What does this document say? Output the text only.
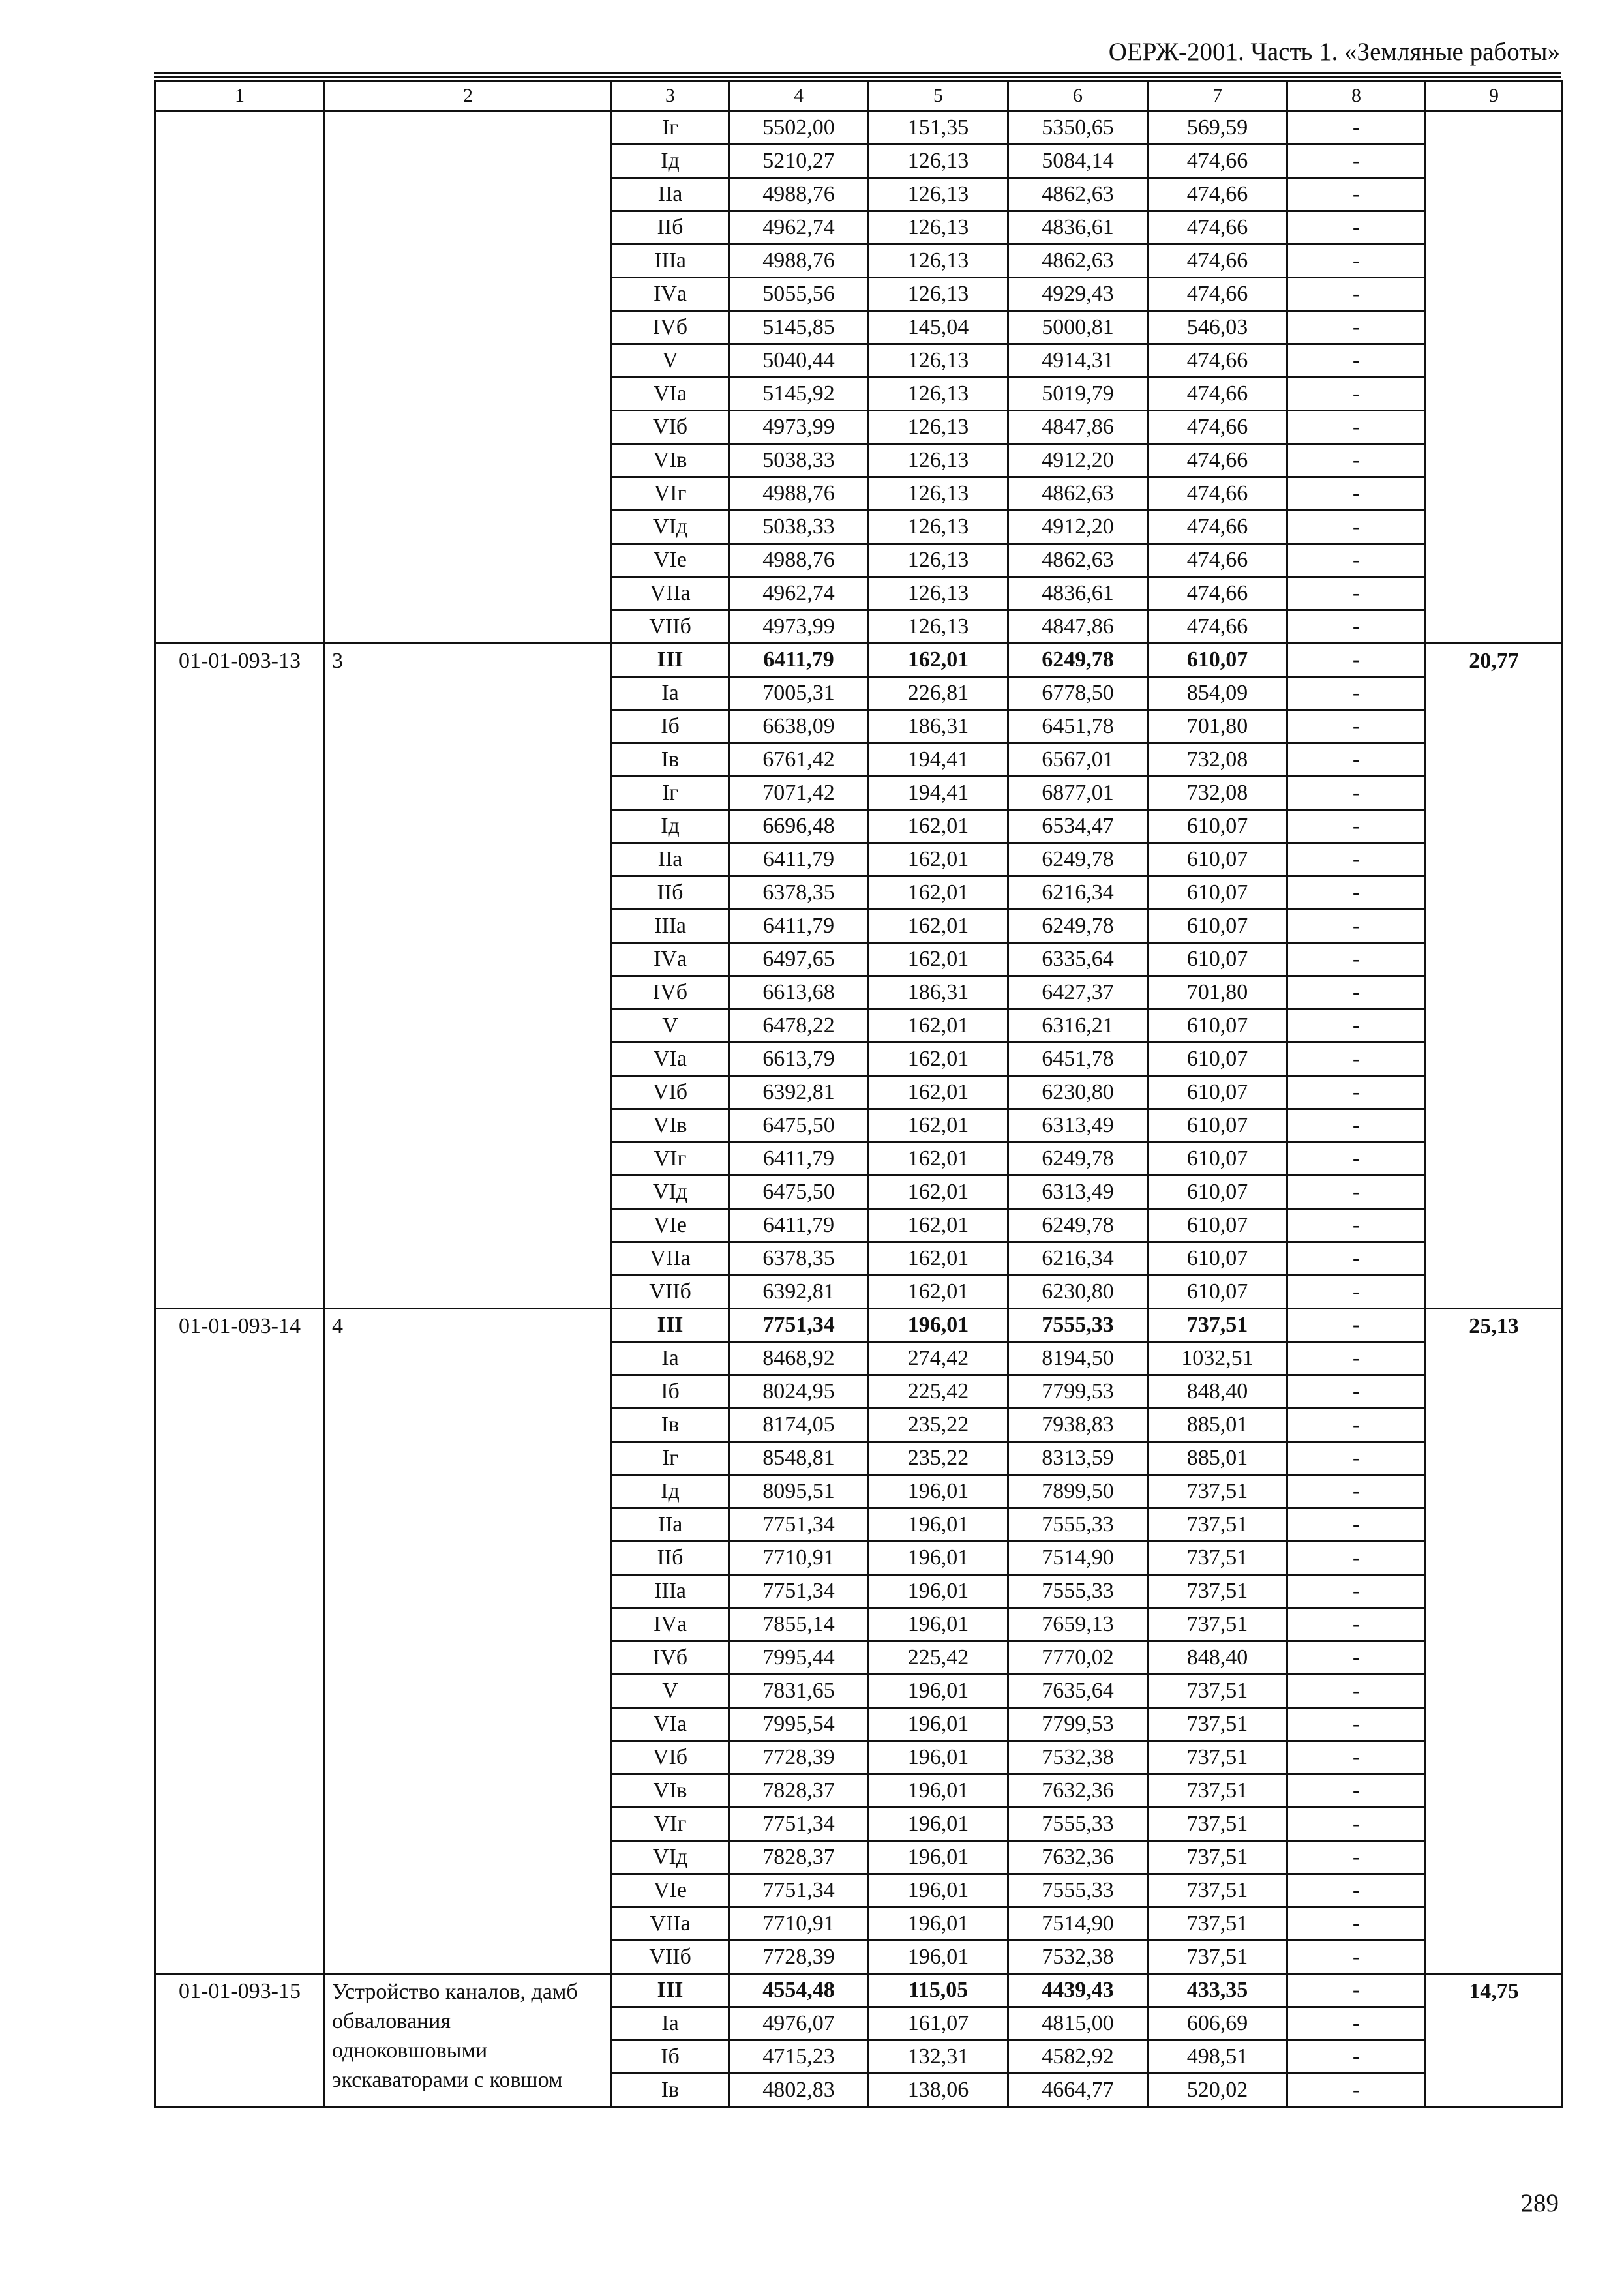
ОЕРЖ-2001. Часть 1. «Земляные работы»
1	2	3	4	5	6	7	8	9
		Iг	5502,00	151,35	5350,65	569,59	-	
		Iд	5210,27	126,13	5084,14	474,66	-	
		IIа	4988,76	126,13	4862,63	474,66	-	
		IIб	4962,74	126,13	4836,61	474,66	-	
		IIIа	4988,76	126,13	4862,63	474,66	-	
		IVа	5055,56	126,13	4929,43	474,66	-	
		IVб	5145,85	145,04	5000,81	546,03	-	
		V	5040,44	126,13	4914,31	474,66	-	
		VIа	5145,92	126,13	5019,79	474,66	-	
		VIб	4973,99	126,13	4847,86	474,66	-	
		VIв	5038,33	126,13	4912,20	474,66	-	
		VIг	4988,76	126,13	4862,63	474,66	-	
		VIд	5038,33	126,13	4912,20	474,66	-	
		VIе	4988,76	126,13	4862,63	474,66	-	
		VIIа	4962,74	126,13	4836,61	474,66	-	
		VIIб	4973,99	126,13	4847,86	474,66	-	
01-01-093-13	3	III	6411,79	162,01	6249,78	610,07	-	20,77
		Iа	7005,31	226,81	6778,50	854,09	-	
		Iб	6638,09	186,31	6451,78	701,80	-	
		Iв	6761,42	194,41	6567,01	732,08	-	
		Iг	7071,42	194,41	6877,01	732,08	-	
		Iд	6696,48	162,01	6534,47	610,07	-	
		IIа	6411,79	162,01	6249,78	610,07	-	
		IIб	6378,35	162,01	6216,34	610,07	-	
		IIIа	6411,79	162,01	6249,78	610,07	-	
		IVа	6497,65	162,01	6335,64	610,07	-	
		IVб	6613,68	186,31	6427,37	701,80	-	
		V	6478,22	162,01	6316,21	610,07	-	
		VIа	6613,79	162,01	6451,78	610,07	-	
		VIб	6392,81	162,01	6230,80	610,07	-	
		VIв	6475,50	162,01	6313,49	610,07	-	
		VIг	6411,79	162,01	6249,78	610,07	-	
		VIд	6475,50	162,01	6313,49	610,07	-	
		VIе	6411,79	162,01	6249,78	610,07	-	
		VIIа	6378,35	162,01	6216,34	610,07	-	
		VIIб	6392,81	162,01	6230,80	610,07	-	
01-01-093-14	4	III	7751,34	196,01	7555,33	737,51	-	25,13
		Iа	8468,92	274,42	8194,50	1032,51	-	
		Iб	8024,95	225,42	7799,53	848,40	-	
		Iв	8174,05	235,22	7938,83	885,01	-	
		Iг	8548,81	235,22	8313,59	885,01	-	
		Iд	8095,51	196,01	7899,50	737,51	-	
		IIа	7751,34	196,01	7555,33	737,51	-	
		IIб	7710,91	196,01	7514,90	737,51	-	
		IIIа	7751,34	196,01	7555,33	737,51	-	
		IVа	7855,14	196,01	7659,13	737,51	-	
		IVб	7995,44	225,42	7770,02	848,40	-	
		V	7831,65	196,01	7635,64	737,51	-	
		VIа	7995,54	196,01	7799,53	737,51	-	
		VIб	7728,39	196,01	7532,38	737,51	-	
		VIв	7828,37	196,01	7632,36	737,51	-	
		VIг	7751,34	196,01	7555,33	737,51	-	
		VIд	7828,37	196,01	7632,36	737,51	-	
		VIе	7751,34	196,01	7555,33	737,51	-	
		VIIа	7710,91	196,01	7514,90	737,51	-	
		VIIб	7728,39	196,01	7532,38	737,51	-	
01-01-093-15	Устройство каналов, дамб обвалования одноковшовыми экскаваторами с ковшом	III	4554,48	115,05	4439,43	433,35	-	14,75
		Iа	4976,07	161,07	4815,00	606,69	-	
		Iб	4715,23	132,31	4582,92	498,51	-	
		Iв	4802,83	138,06	4664,77	520,02	-	
289
